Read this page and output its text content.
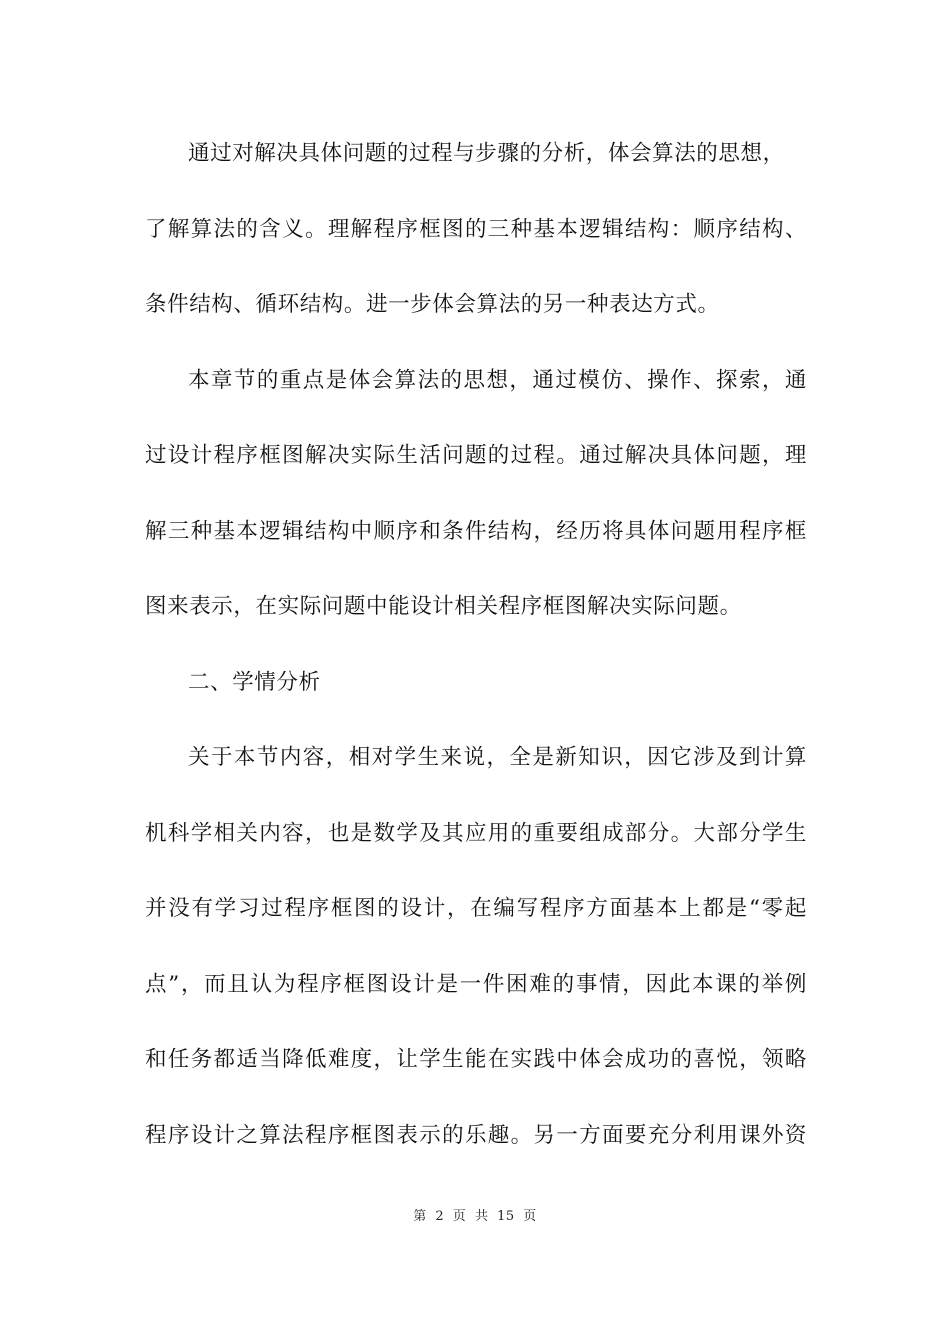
通过对解决具体问题的过程与步骤的分析，体会算法的思想，
了解算法的含义。理解程序框图的三种基本逻辑结构：顺序结构、
条件结构、循环结构。进一步体会算法的另一种表达方式。
本章节的重点是体会算法的思想，通过模仿、操作、探索，通
过设计程序框图解决实际生活问题的过程。通过解决具体问题，理
解三种基本逻辑结构中顺序和条件结构，经历将具体问题用程序框
图来表示，在实际问题中能设计相关程序框图解决实际问题。
二、学情分析
关于本节内容，相对学生来说，全是新知识，因它涉及到计算
机科学相关内容，也是数学及其应用的重要组成部分。大部分学生
并没有学习过程序框图的设计，在编写程序方面基本上都是“零起
点”，而且认为程序框图设计是一件困难的事情，因此本课的举例
和任务都适当降低难度，让学生能在实践中体会成功的喜悦，领略
程序设计之算法程序框图表示的乐趣。另一方面要充分利用课外资
第 2 页 共 15 页
